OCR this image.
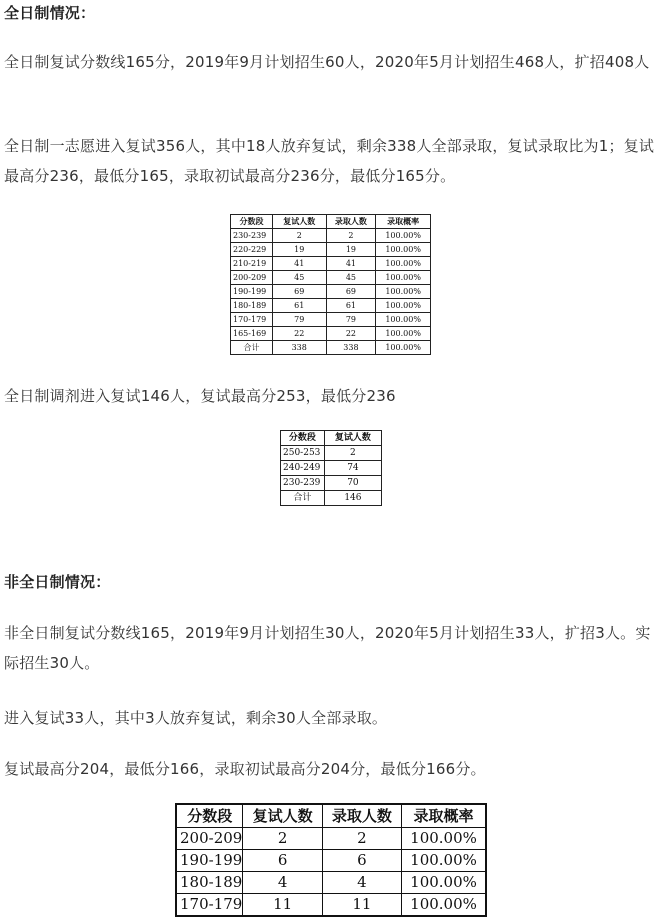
全日制情况：
全日制复试分数线165分，2019年9月计划招生60人，2020年5月计划招生468人，扩招408人
全日制一志愿进入复试356人，其中18人放弃复试，剩余338人全部录取，复试录取比为1；复试最高分236，最低分165，录取初试最高分236分，最低分165分。
分数段	复试人数	录取人数	录取概率
230-239	2	2	100.00%
220-229	19	19	100.00%
210-219	41	41	100.00%
200-209	45	45	100.00%
190-199	69	69	100.00%
180-189	61	61	100.00%
170-179	79	79	100.00%
165-169	22	22	100.00%
合计	338	338	100.00%
全日制调剂进入复试146人，复试最高分253，最低分236
分数段	复试人数
250-253	2
240-249	74
230-239	70
合计	146
非全日制情况：
非全日制复试分数线165，2019年9月计划招生30人，2020年5月计划招生33人，扩招3人。实际招生30人。
进入复试33人，其中3人放弃复试，剩余30人全部录取。
复试最高分204，最低分166，录取初试最高分204分，最低分166分。
分数段	复试人数	录取人数	录取概率
200-209	2	2	100.00%
190-199	6	6	100.00%
180-189	4	4	100.00%
170-179	11	11	100.00%
